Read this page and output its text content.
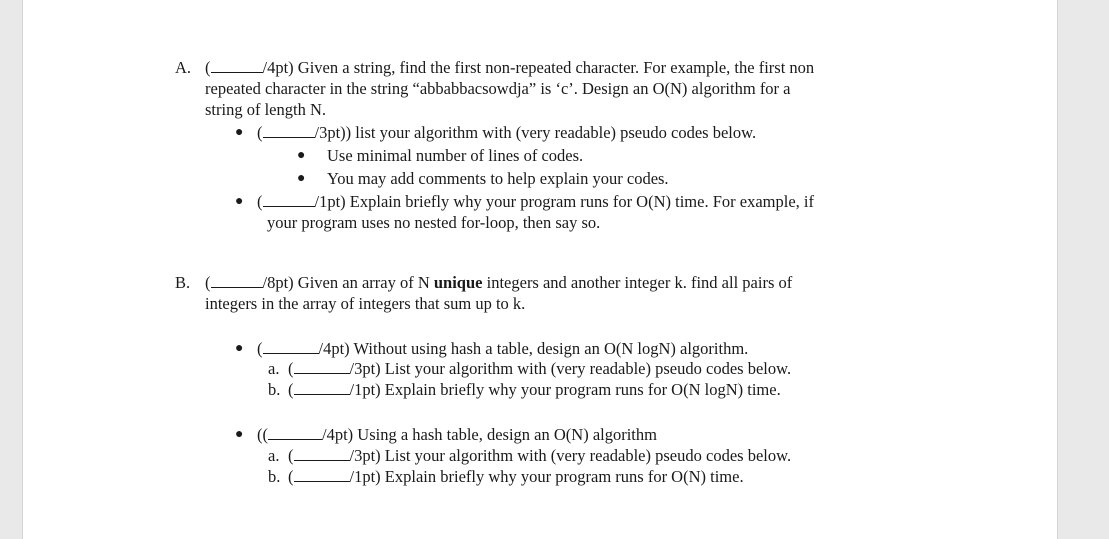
A. (	/4pt) Given a string, find the first non-repeated character. For example, the first non
repeated character in the string “abbabbacsowdja” is ‘c’. Design an O(N) algorithm for a
string of length N.
● (	/3pt)) list your algorithm with (very readable) pseudo codes below.
● Use minimal number of lines of codes.
● You may add comments to help explain your codes.
● (	/1pt) Explain briefly why your program runs for O(N) time. For example, if
your program uses no nested for-loop, then say so.
B. (	/8pt) Given an array of N unique integers and another integer k. find all pairs of
integers in the array of integers that sum up to k.
● (	/4pt) Without using hash a table, design an O(N logN) algorithm.
a. (	/3pt) List your algorithm with (very readable) pseudo codes below.
b. (	/1pt) Explain briefly why your program runs for O(N logN) time.
● ((	/4pt) Using a hash table, design an O(N) algorithm
a. (	/3pt) List your algorithm with (very readable) pseudo codes below.
b. (	/1pt) Explain briefly why your program runs for O(N) time.
